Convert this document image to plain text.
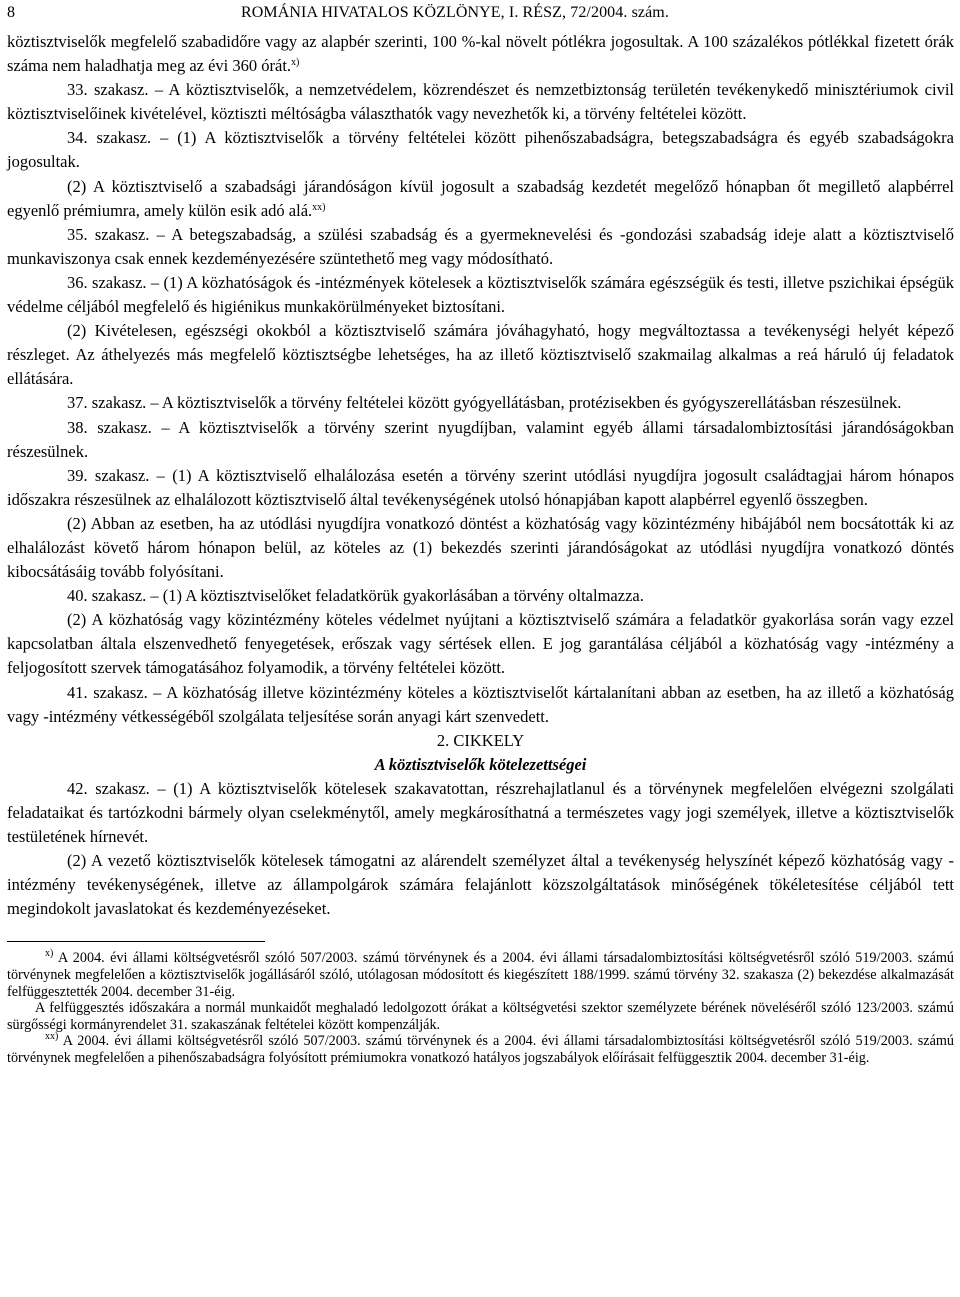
8	ROMÁNIA HIVATALOS KÖZLÖNYE, I. RÉSZ, 72/2004. szám.

köztisztviselők megfelelő szabadidőre vagy az alapbér szerinti, 100 %-kal növelt pótlékra jogosultak. A 100 százalékos pótlékkal fizetett órák száma nem haladhatja meg az évi 360 órát.$^{x)}$

33. szakasz. – A köztisztviselők, a nemzetvédelem, közrendészet és nemzetbiztonság területén tevékenykedő minisztériumok civil köztisztviselőinek kivételével, köztiszti méltóságba választhatók vagy nevezhetők ki, a törvény feltételei között.

34. szakasz. – (1) A köztisztviselők a törvény feltételei között pihenőszabadságra, betegszabadságra és egyéb szabadságokra jogosultak.

(2) A köztisztviselő a szabadsági járandóságon kívül jogosult a szabadság kezdetét megelőző hónapban őt megillető alapbérrel egyenlő prémiumra, amely külön esik adó alá.$^{xx)}$

35. szakasz. – A betegszabadság, a szülési szabadság és a gyermeknevelési és -gondozási szabadság ideje alatt a köztisztviselő munkaviszonya csak ennek kezdeményezésére szüntethető meg vagy módosítható.

36. szakasz. – (1) A közhatóságok és -intézmények kötelesek a köztisztviselők számára egészségük és testi, illetve pszichikai épségük védelme céljából megfelelő és higiénikus munkakörülményeket biztosítani.

(2) Kivételesen, egészségi okokból a köztisztviselő számára jóváhagyható, hogy megváltoztassa a tevékenységi helyét képező részleget. Az áthelyezés más megfelelő köztisztségbe lehetséges, ha az illető köztisztviselő szakmailag alkalmas a reá háruló új feladatok ellátására.

37. szakasz. – A köztisztviselők a törvény feltételei között gyógyellátásban, protézisekben és gyógyszerellátásban részesülnek.

38. szakasz. – A köztisztviselők a törvény szerint nyugdíjban, valamint egyéb állami társadalombiztosítási járandóságokban részesülnek.

39. szakasz. – (1) A köztisztviselő elhalálozása esetén a törvény szerint utódlási nyugdíjra jogosult családtagjai három hónapos időszakra részesülnek az elhalálozott köztisztviselő által tevékenységének utolsó hónapjában kapott alapbérrel egyenlő összegben.

(2) Abban az esetben, ha az utódlási nyugdíjra vonatkozó döntést a közhatóság vagy közintézmény hibájából nem bocsátották ki az elhalálozást követő három hónapon belül, az köteles az (1) bekezdés szerinti járandóságokat az utódlási nyugdíjra vonatkozó döntés kibocsátásáig tovább folyósítani.

40. szakasz. – (1) A köztisztviselőket feladatkörük gyakorlásában a törvény oltalmazza.

(2) A közhatóság vagy közintézmény köteles védelmet nyújtani a köztisztviselő számára a feladatkör gyakorlása során vagy ezzel kapcsolatban általa elszenvedhető fenyegetések, erőszak vagy sértések ellen. E jog garantálása céljából a közhatóság vagy -intézmény a feljogosított szervek támogatásához folyamodik, a törvény feltételei között.

41. szakasz. – A közhatóság illetve közintézmény köteles a köztisztviselőt kártalanítani abban az esetben, ha az illető a közhatóság vagy -intézmény vétkességéből szolgálata teljesítése során anyagi kárt szenvedett.

2. CIKKELY

A köztisztviselők kötelezettségei

42. szakasz. – (1) A köztisztviselők kötelesek szakavatottan, részrehajlatlanul és a törvénynek megfelelően elvégezni szolgálati feladataikat és tartózkodni bármely olyan cselekménytől, amely megkárosíthatná a természetes vagy jogi személyek, illetve a köztisztviselők testületének hírnevét.

(2) A vezető köztisztviselők kötelesek támogatni az alárendelt személyzet által a tevékenység helyszínét képező közhatóság vagy -intézmény tevékenységének, illetve az állampolgárok számára felajánlott közszolgáltatások minőségének tökéletesítése céljából tett megindokolt javaslatokat és kezdeményezéseket.

$^{x)}$ A 2004. évi állami költségvetésről szóló 507/2003. számú törvénynek és a 2004. évi állami társadalombiztosítási költségvetésről szóló 519/2003. számú törvénynek megfelelően a köztisztviselők jogállásáról szóló, utólagosan módosított és kiegészített 188/1999. számú törvény 32. szakasza (2) bekezdése alkalmazását felfüggesztették 2004. december 31-éig.

A felfüggesztés időszakára a normál munkaidőt meghaladó ledolgozott órákat a költségvetési szektor személyzete bérének növeléséről szóló 123/2003. számú sürgősségi kormányrendelet 31. szakaszának feltételei között kompenzálják.

$^{xx)}$ A 2004. évi állami költségvetésről szóló 507/2003. számú törvénynek és a 2004. évi állami társadalombiztosítási költségvetésről szóló 519/2003. számú törvénynek megfelelően a pihenőszabadságra folyósított prémiumokra vonatkozó hatályos jogszabályok előírásait felfüggesztik 2004. december 31-éig.
